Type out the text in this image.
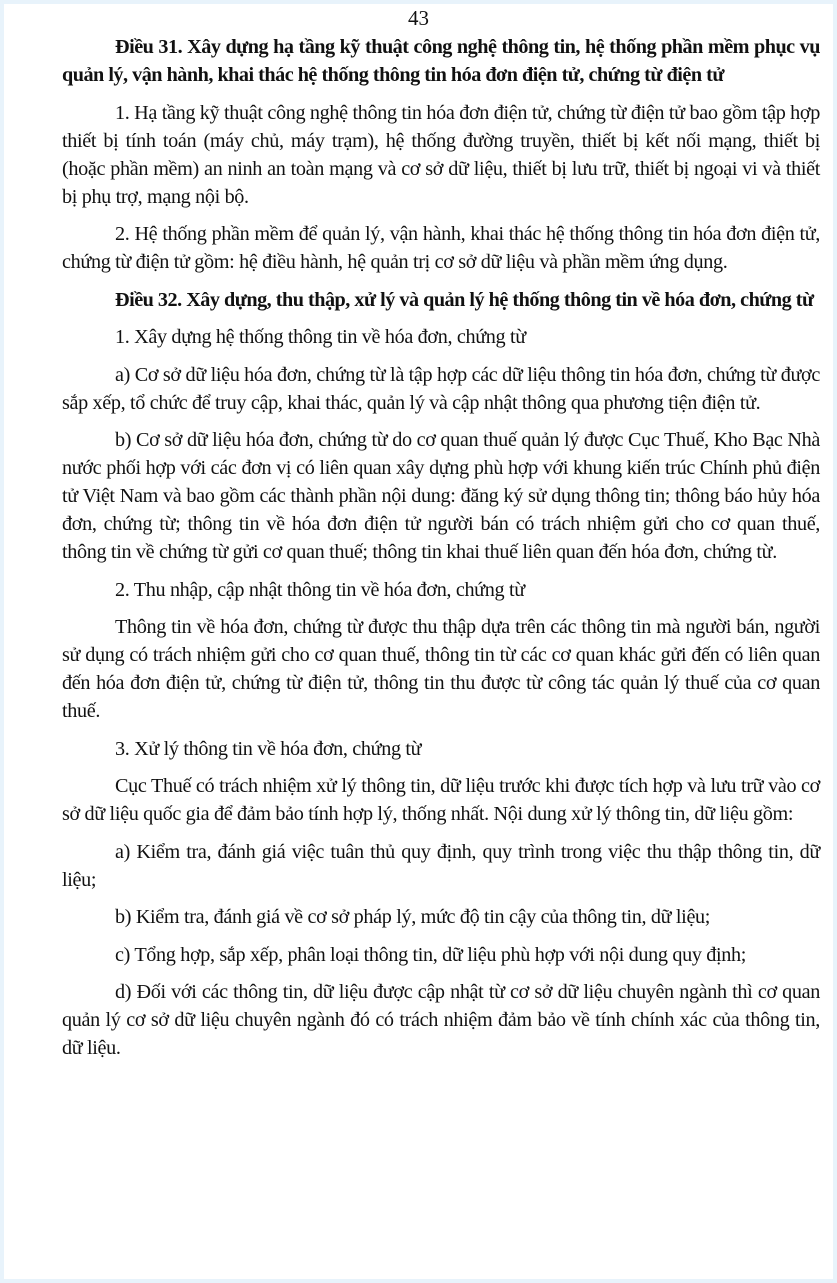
43

Điều 31. Xây dựng hạ tầng kỹ thuật công nghệ thông tin, hệ thống phần mềm phục vụ quản lý, vận hành, khai thác hệ thống thông tin hóa đơn điện tử, chứng từ điện tử

1. Hạ tầng kỹ thuật công nghệ thông tin hóa đơn điện tử, chứng từ điện tử bao gồm tập hợp thiết bị tính toán (máy chủ, máy trạm), hệ thống đường truyền, thiết bị kết nối mạng, thiết bị (hoặc phần mềm) an ninh an toàn mạng và cơ sở dữ liệu, thiết bị lưu trữ, thiết bị ngoại vi và thiết bị phụ trợ, mạng nội bộ.

2. Hệ thống phần mềm để quản lý, vận hành, khai thác hệ thống thông tin hóa đơn điện tử, chứng từ điện tử gồm: hệ điều hành, hệ quản trị cơ sở dữ liệu và phần mềm ứng dụng.

Điều 32. Xây dựng, thu thập, xử lý và quản lý hệ thống thông tin về hóa đơn, chứng từ

1. Xây dựng hệ thống thông tin về hóa đơn, chứng từ

a) Cơ sở dữ liệu hóa đơn, chứng từ là tập hợp các dữ liệu thông tin hóa đơn, chứng từ được sắp xếp, tổ chức để truy cập, khai thác, quản lý và cập nhật thông qua phương tiện điện tử.

b) Cơ sở dữ liệu hóa đơn, chứng từ do cơ quan thuế quản lý được Cục Thuế, Kho Bạc Nhà nước phối hợp với các đơn vị có liên quan xây dựng phù hợp với khung kiến trúc Chính phủ điện tử Việt Nam và bao gồm các thành phần nội dung: đăng ký sử dụng thông tin; thông báo hủy hóa đơn, chứng từ; thông tin về hóa đơn điện tử người bán có trách nhiệm gửi cho cơ quan thuế, thông tin về chứng từ gửi cơ quan thuế; thông tin khai thuế liên quan đến hóa đơn, chứng từ.

2. Thu nhập, cập nhật thông tin về hóa đơn, chứng từ

Thông tin về hóa đơn, chứng từ được thu thập dựa trên các thông tin mà người bán, người sử dụng có trách nhiệm gửi cho cơ quan thuế, thông tin từ các cơ quan khác gửi đến có liên quan đến hóa đơn điện tử, chứng từ điện tử, thông tin thu được từ công tác quản lý thuế của cơ quan thuế.

3. Xử lý thông tin về hóa đơn, chứng từ

Cục Thuế có trách nhiệm xử lý thông tin, dữ liệu trước khi được tích hợp và lưu trữ vào cơ sở dữ liệu quốc gia để đảm bảo tính hợp lý, thống nhất. Nội dung xử lý thông tin, dữ liệu gồm:

a) Kiểm tra, đánh giá việc tuân thủ quy định, quy trình trong việc thu thập thông tin, dữ liệu;

b) Kiểm tra, đánh giá về cơ sở pháp lý, mức độ tin cậy của thông tin, dữ liệu;

c) Tổng hợp, sắp xếp, phân loại thông tin, dữ liệu phù hợp với nội dung quy định;

d) Đối với các thông tin, dữ liệu được cập nhật từ cơ sở dữ liệu chuyên ngành thì cơ quan quản lý cơ sở dữ liệu chuyên ngành đó có trách nhiệm đảm bảo về tính chính xác của thông tin, dữ liệu.
